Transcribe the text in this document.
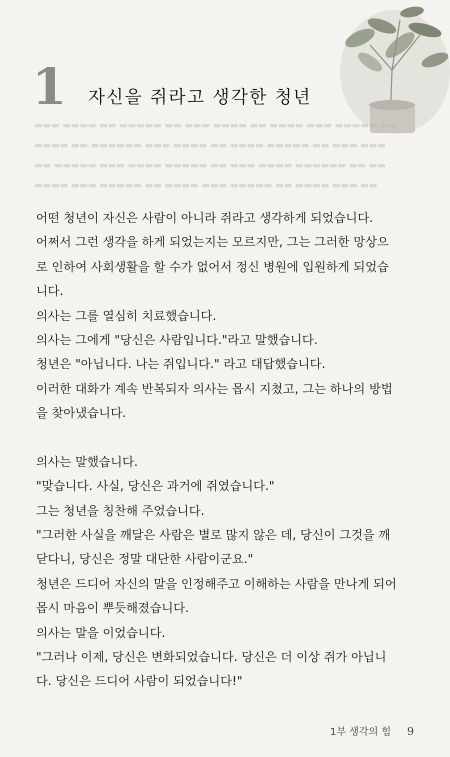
1 자신을 쥐라고 생각한 청년
▬▬▬ ▬▬▬▬ ▬▬ ▬▬▬▬▬ ▬▬ ▬▬▬ ▬▬▬▬ ▬▬ ▬▬▬▬ ▬▬▬ ▬▬▬▬▬ ▬▬
▬▬▬▬ ▬▬ ▬▬▬▬▬▬ ▬▬▬ ▬▬▬▬ ▬▬ ▬▬▬▬ ▬▬▬▬▬ ▬▬ ▬▬▬ ▬▬▬
▬▬ ▬▬▬▬▬ ▬▬▬ ▬▬▬▬ ▬▬▬▬▬ ▬▬ ▬▬▬ ▬▬▬▬ ▬▬▬▬▬▬ ▬▬ ▬▬
▬▬▬▬ ▬▬▬ ▬▬▬▬▬ ▬▬ ▬▬▬▬ ▬▬▬ ▬▬▬▬▬ ▬▬ ▬▬▬▬ ▬▬▬ ▬▬
어떤 청년이 자신은 사람이 아니라 쥐라고 생각하게 되었습니다.
어쩌서 그런 생각을 하게 되었는지는 모르지만, 그는 그러한 망상으
로 인하여 사회생활을 할 수가 없어서 정신 병원에 입원하게 되었습
니다.
의사는 그를 열심히 치료했습니다.
의사는 그에게 "당신은 사람입니다."라고 말했습니다.
청년은 "아닙니다. 나는 쥐입니다." 라고 대답했습니다.
이러한 대화가 계속 반복되자 의사는 몹시 지쳤고, 그는 하나의 방법
을 찾아냈습니다.
의사는 말했습니다.
"맞습니다. 사실, 당신은 과거에 쥐였습니다."
그는 청년을 칭찬해 주었습니다.
"그러한 사실을 깨달은 사람은 별로 많지 않은 데, 당신이 그것을 깨
닫다니, 당신은 정말 대단한 사람이군요."
청년은 드디어 자신의 말을 인정해주고 이해하는 사람을 만나게 되어
몹시 마음이 뿌듯해졌습니다.
의사는 말을 이었습니다.
"그러나 이제, 당신은 변화되었습니다. 당신은 더 이상 쥐가 아닙니
다. 당신은 드디어 사람이 되었습니다!"
1부 생각의 힘 9
